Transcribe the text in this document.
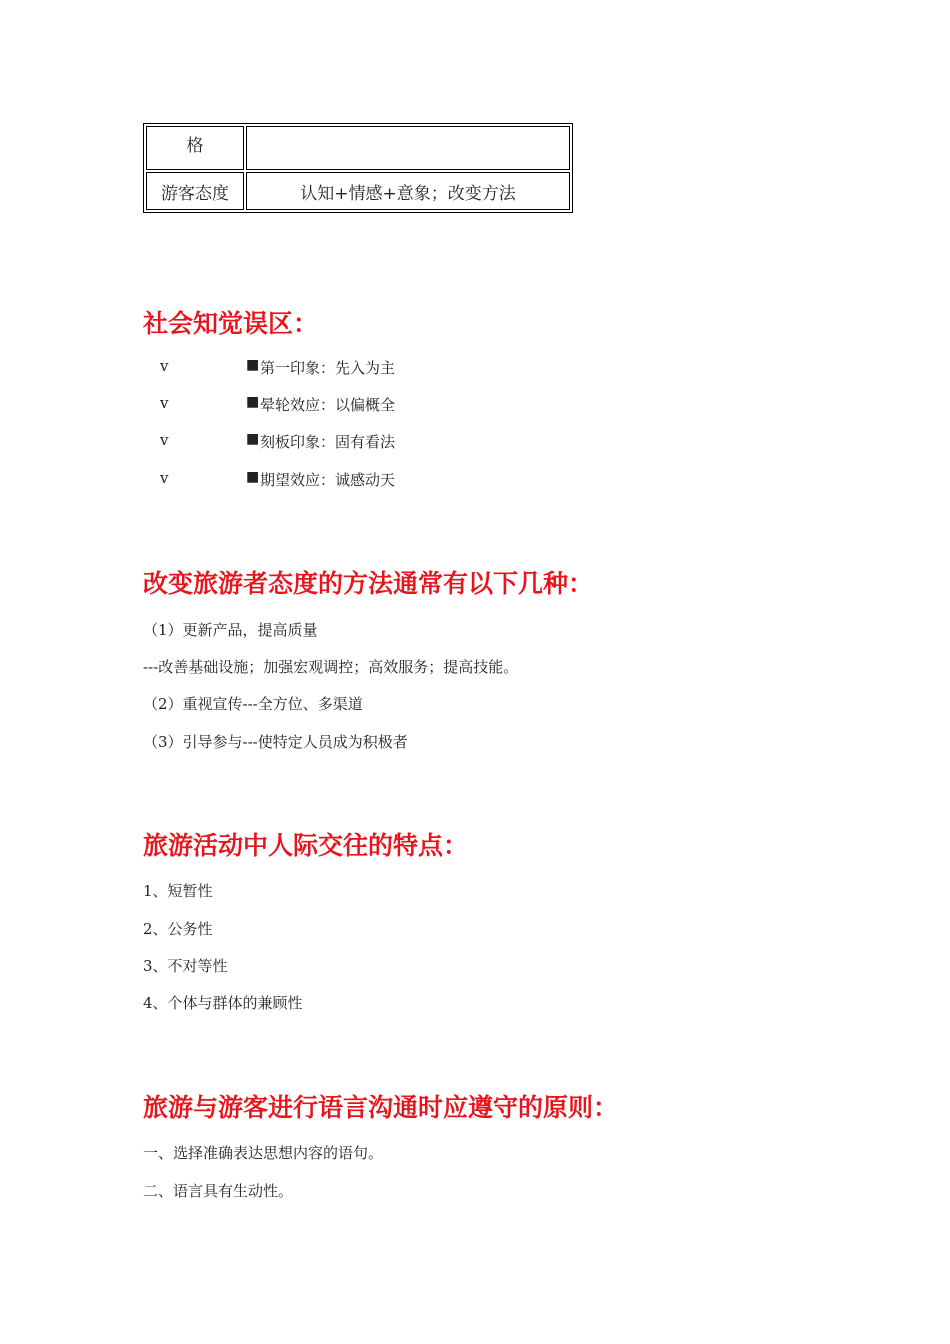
格	
游客态度	认知+情感+意象；改变方法
社会知觉误区：
v	■ 第一印象：先入为主
v	■ 晕轮效应：以偏概全
v	■ 刻板印象：固有看法
v	■ 期望效应：诚感动天
改变旅游者态度的方法通常有以下几种：
（1）更新产品，提高质量
---改善基础设施；加强宏观调控；高效服务；提高技能。
（2）重视宣传---全方位、多渠道
（3）引导参与---使特定人员成为积极者
旅游活动中人际交往的特点：
1、短暂性
2、公务性
3、不对等性
4、个体与群体的兼顾性
旅游与游客进行语言沟通时应遵守的原则：
一、选择准确表达思想内容的语句。
二、语言具有生动性。
